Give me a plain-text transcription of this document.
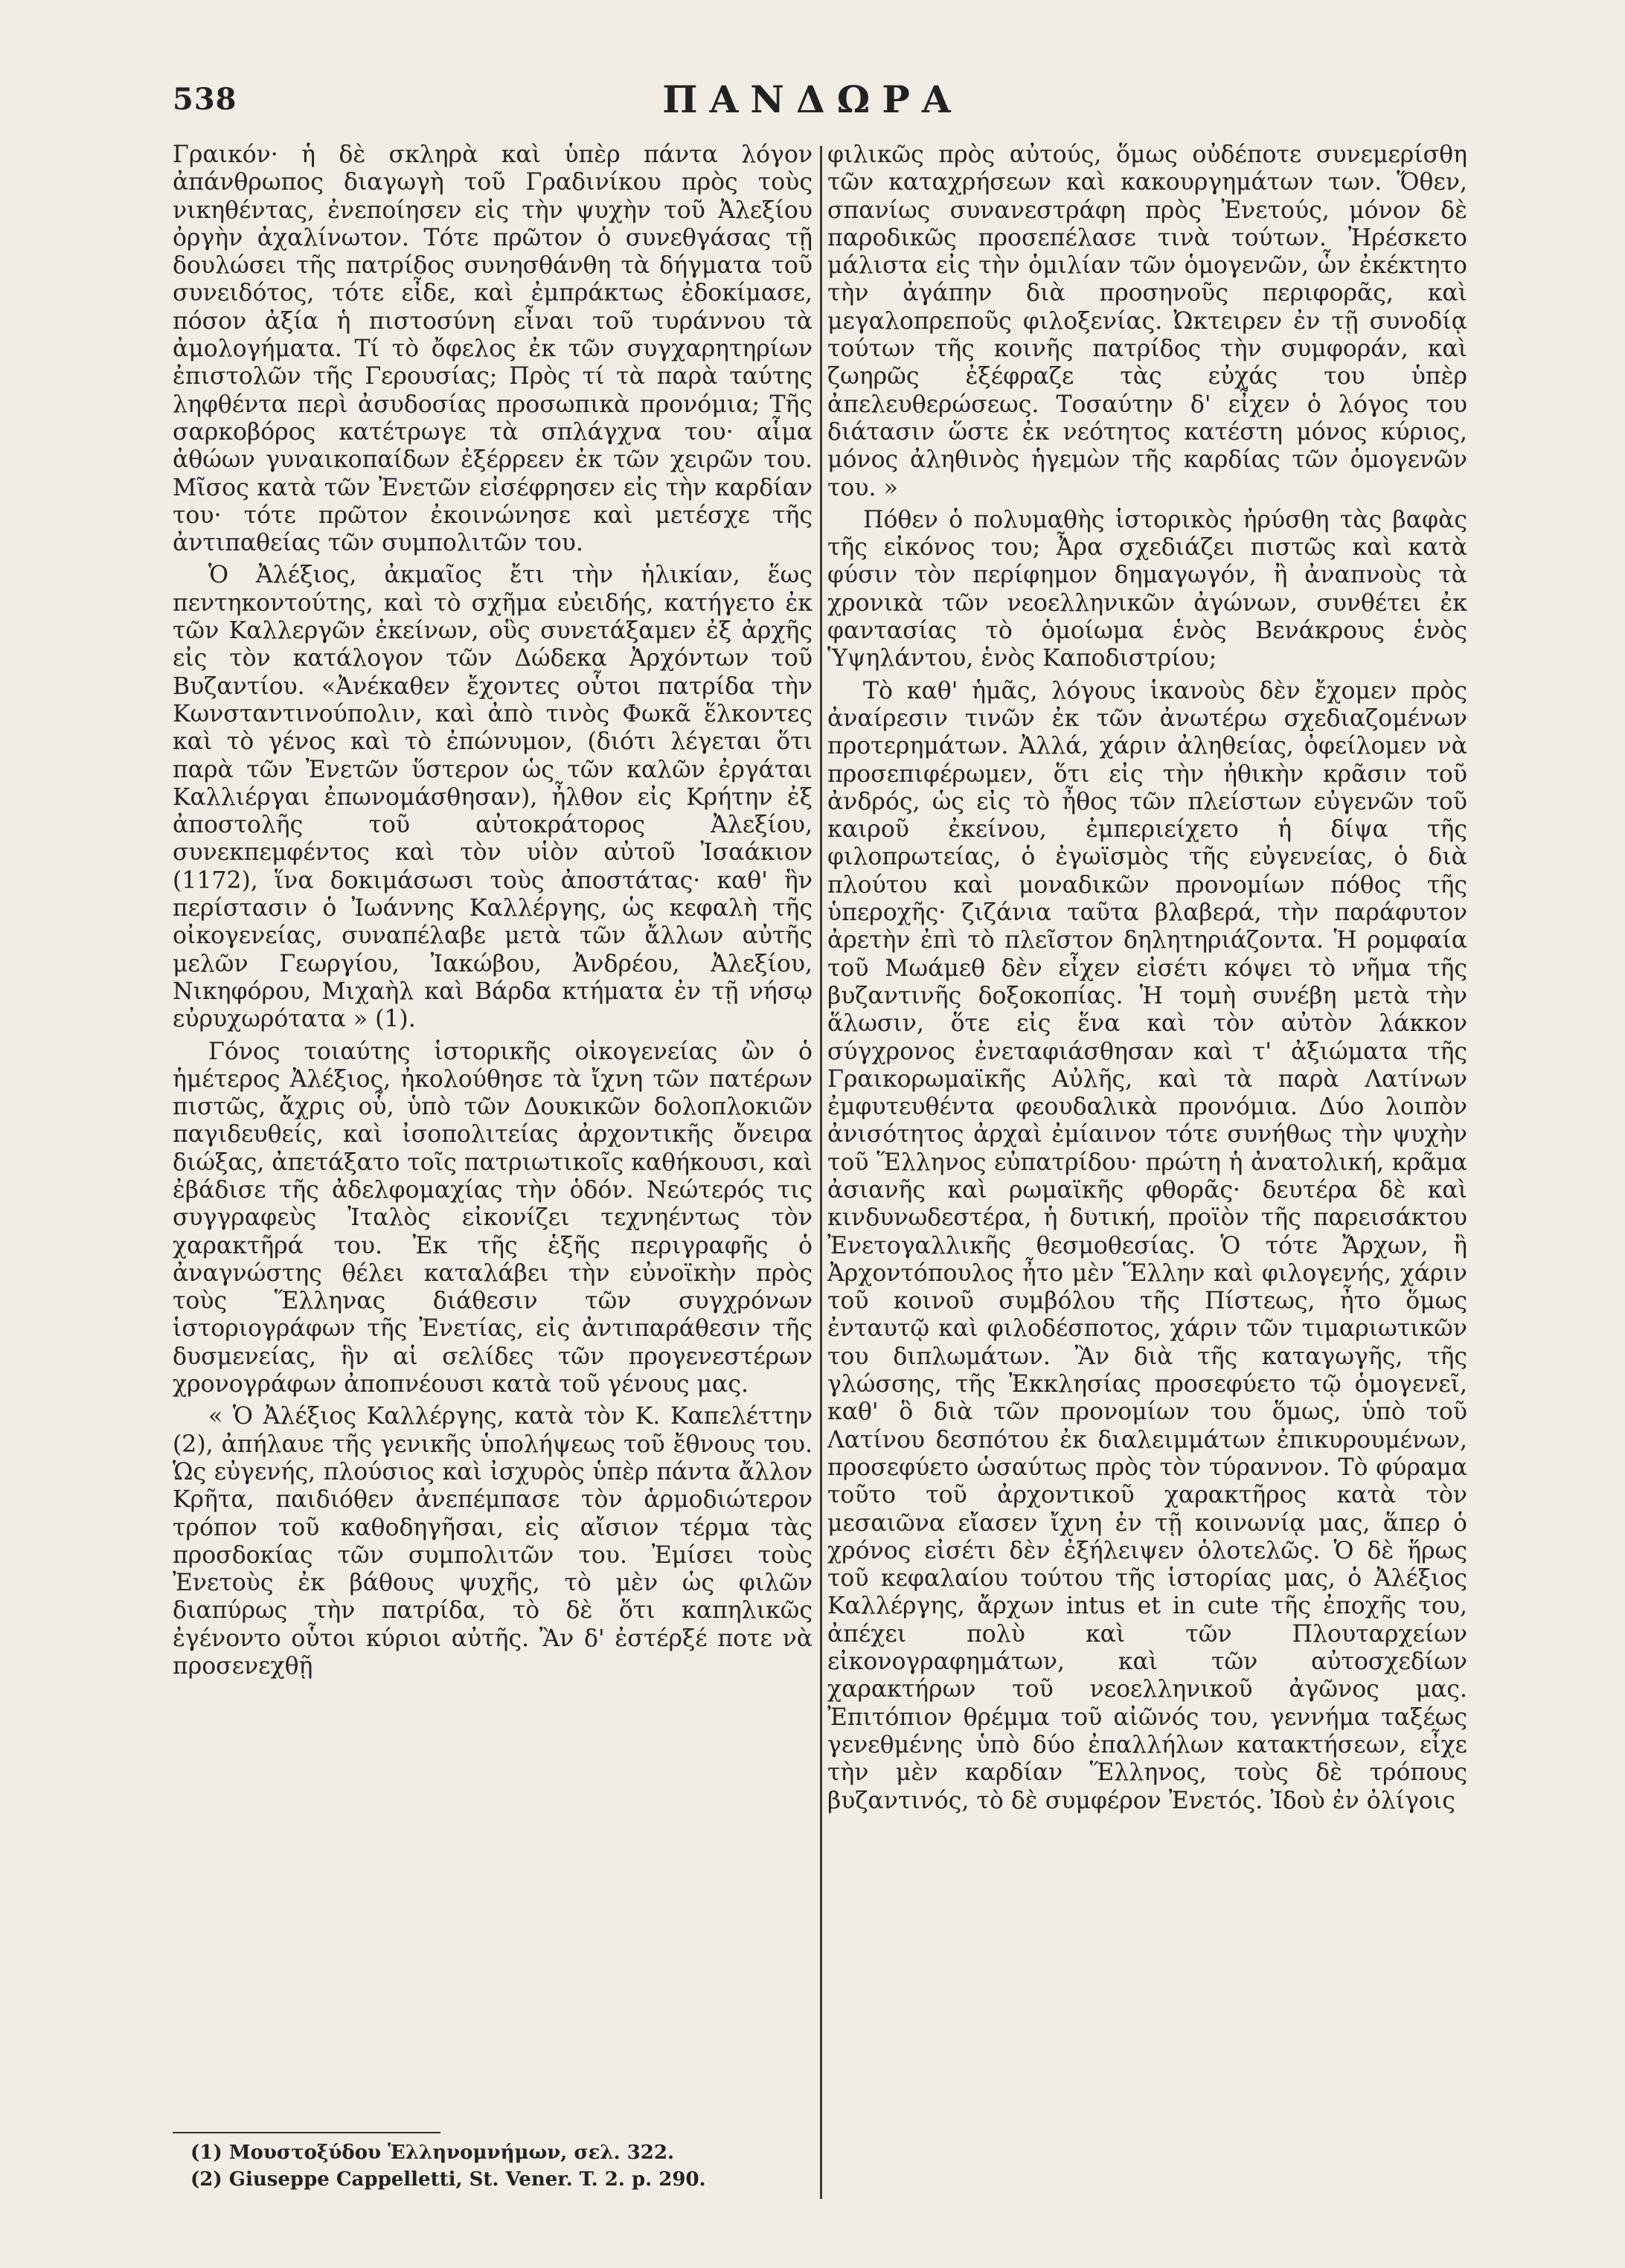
538	ΠΑΝΔΩΡΑ

Γραικόν· ἡ δὲ σκληρὰ καὶ ὑπὲρ πάντα λόγον ἀπάνθρωπος διαγωγὴ τοῦ Γραδινίκου πρὸς τοὺς νικηθέντας, ἐνεποίησεν εἰς τὴν ψυχὴν τοῦ Ἀλεξίου ὀργὴν ἀχαλίνωτον. Τότε πρῶτον ὁ συνεθγάσας τῇ δουλώσει τῆς πατρίδος συνησθάνθη τὰ δήγματα τοῦ συνειδότος, τότε εἶδε, καὶ ἐμπράκτως ἐδοκίμασε, πόσον ἀξία ἡ πιστοσύνη εἶναι τοῦ τυράννου τὰ ἀμολογήματα. Τί τὸ ὄφελος ἐκ τῶν συγχαρητηρίων ἐπιστολῶν τῆς Γερουσίας; Πρὸς τί τὰ παρὰ ταύτης ληφθέντα περὶ ἀσυδοσίας προσωπικὰ προνόμια; Τῆς σαρκοβόρος κατέτρωγε τὰ σπλάγχνα του· αἷμα ἀθώων γυναικοπαίδων ἐξέρρεεν ἐκ τῶν χειρῶν του. Μῖσος κατὰ τῶν Ἐνετῶν εἰσέφρησεν εἰς τὴν καρδίαν του· τότε πρῶτον ἐκοινώνησε καὶ μετέσχε τῆς ἀντιπαθείας τῶν συμπολιτῶν του.

Ὁ Ἀλέξιος, ἀκμαῖος ἔτι τὴν ἡλικίαν, ἕως πεντηκοντούτης, καὶ τὸ σχῆμα εὐειδής, κατήγετο ἐκ τῶν Καλλεργῶν ἐκείνων, οὓς συνετάξαμεν ἐξ ἀρχῆς εἰς τὸν κατάλογον τῶν Δώδεκα Ἀρχόντων τοῦ Βυζαντίου. «Ἀνέκαθεν ἔχοντες οὗτοι πατρίδα τὴν Κωνσταντινούπολιν, καὶ ἀπὸ τινὸς Φωκᾶ ἕλκοντες καὶ τὸ γένος καὶ τὸ ἐπώνυμον, (διότι λέγεται ὅτι παρὰ τῶν Ἐνετῶν ὕστερον ὡς τῶν καλῶν ἐργάται Καλλιέργαι ἐπωνομάσθησαν), ἦλθον εἰς Κρήτην ἐξ ἀποστολῆς τοῦ αὐτοκράτορος Ἀλεξίου, συνεκπεμφέντος καὶ τὸν υἱὸν αὐτοῦ Ἰσαάκιον (1172), ἵνα δοκιμάσωσι τοὺς ἀποστάτας· καθ' ἣν περίστασιν ὁ Ἰωάννης Καλλέργης, ὡς κεφαλὴ τῆς οἰκογενείας, συναπέλαβε μετὰ τῶν ἄλλων αὐτῆς μελῶν Γεωργίου, Ἰακώβου, Ἀνδρέου, Ἀλεξίου, Νικηφόρου, Μιχαὴλ καὶ Βάρδα κτήματα ἐν τῇ νήσῳ εὐρυχωρότατα » (1).

Γόνος τοιαύτης ἱστορικῆς οἰκογενείας ὢν ὁ ἡμέτερος Ἀλέξιος, ἠκολούθησε τὰ ἴχνη τῶν πατέρων πιστῶς, ἄχρις οὗ, ὑπὸ τῶν Δουκικῶν δολοπλοκιῶν παγιδευθείς, καὶ ἰσοπολιτείας ἀρχοντικῆς ὄνειρα διώξας, ἀπετάξατο τοῖς πατριωτικοῖς καθήκουσι, καὶ ἐβάδισε τῆς ἀδελφομαχίας τὴν ὁδόν. Νεώτερός τις συγγραφεὺς Ἰταλὸς εἰκονίζει τεχνηέντως τὸν χαρακτῆρά του. Ἐκ τῆς ἑξῆς περιγραφῆς ὁ ἀναγνώστης θέλει καταλάβει τὴν εὐνοϊκὴν πρὸς τοὺς Ἕλληνας διάθεσιν τῶν συγχρόνων ἱστοριογράφων τῆς Ἐνετίας, εἰς ἀντιπαράθεσιν τῆς δυσμενείας, ἣν αἱ σελίδες τῶν προγενεστέρων χρονογράφων ἀποπνέουσι κατὰ τοῦ γένους μας.

« Ὁ Ἀλέξιος Καλλέργης, κατὰ τὸν Κ. Καπελέττην (2), ἀπήλαυε τῆς γενικῆς ὑπολήψεως τοῦ ἔθνους του. Ὡς εὐγενής, πλούσιος καὶ ἰσχυρὸς ὑπὲρ πάντα ἄλλον Κρῆτα, παιδιόθεν ἀνεπέμπασε τὸν ἁρμοδιώτερον τρόπον τοῦ καθοδηγῆσαι, εἰς αἴσιον τέρμα τὰς προσδοκίας τῶν συμπολιτῶν του. Ἐμίσει τοὺς Ἐνετοὺς ἐκ βάθους ψυχῆς, τὸ μὲν ὡς φιλῶν διαπύρως τὴν πατρίδα, τὸ δὲ ὅτι καπηλικῶς ἐγένοντο οὗτοι κύριοι αὐτῆς. Ἂν δ' ἐστέρξέ ποτε νὰ προσενεχθῇ

φιλικῶς πρὸς αὐτούς, ὅμως οὐδέποτε συνεμερίσθη τῶν καταχρήσεων καὶ κακουργημάτων των. Ὅθεν, σπανίως συνανεστράφη πρὸς Ἐνετούς, μόνον δὲ παροδικῶς προσεπέλασε τινὰ τούτων. Ἠρέσκετο μάλιστα εἰς τὴν ὁμιλίαν τῶν ὁμογενῶν, ὧν ἐκέκτητο τὴν ἀγάπην διὰ προσηνοῦς περιφορᾶς, καὶ μεγαλοπρεποῦς φιλοξενίας. Ὠκτειρεν ἐν τῇ συνοδίᾳ τούτων τῆς κοινῆς πατρίδος τὴν συμφοράν, καὶ ζωηρῶς ἐξέφραζε τὰς εὐχάς του ὑπὲρ ἀπελευθερώσεως. Τοσαύτην δ' εἶχεν ὁ λόγος του διάτασιν ὥστε ἐκ νεότητος κατέστη μόνος κύριος, μόνος ἀληθινὸς ἡγεμὼν τῆς καρδίας τῶν ὁμογενῶν του. »

Πόθεν ὁ πολυμαθὴς ἱστορικὸς ἠρύσθη τὰς βαφὰς τῆς εἰκόνος του; Ἆρα σχεδιάζει πιστῶς καὶ κατὰ φύσιν τὸν περίφημον δημαγωγόν, ἢ ἀναπνοὺς τὰ χρονικὰ τῶν νεοελληνικῶν ἀγώνων, συνθέτει ἐκ φαντασίας τὸ ὁμοίωμα ἑνὸς Βενάκρους ἑνὸς Ὑψηλάντου, ἑνὸς Καποδιστρίου;

Τὸ καθ' ἡμᾶς, λόγους ἱκανοὺς δὲν ἔχομεν πρὸς ἀναίρεσιν τινῶν ἐκ τῶν ἀνωτέρω σχεδιαζομένων προτερημάτων. Ἀλλά, χάριν ἀληθείας, ὀφείλομεν νὰ προσεπιφέρωμεν, ὅτι εἰς τὴν ἠθικὴν κρᾶσιν τοῦ ἀνδρός, ὡς εἰς τὸ ἦθος τῶν πλείστων εὐγενῶν τοῦ καιροῦ ἐκείνου, ἐμπεριείχετο ἡ δίψα τῆς φιλοπρωτείας, ὁ ἐγωϊσμὸς τῆς εὐγενείας, ὁ διὰ πλούτου καὶ μοναδικῶν προνομίων πόθος τῆς ὑπεροχῆς· ζιζάνια ταῦτα βλαβερά, τὴν παράφυτον ἀρετὴν ἐπὶ τὸ πλεῖστον δηλητηριάζοντα. Ἡ ρομφαία τοῦ Μωάμεθ δὲν εἶχεν εἰσέτι κόψει τὸ νῆμα τῆς βυζαντινῆς δοξοκοπίας. Ἡ τομὴ συνέβη μετὰ τὴν ἅλωσιν, ὅτε εἰς ἕνα καὶ τὸν αὐτὸν λάκκον σύγχρονος ἐνεταφιάσθησαν καὶ τ' ἀξιώματα τῆς Γραικορωμαϊκῆς Αὐλῆς, καὶ τὰ παρὰ Λατίνων ἐμφυτευθέντα φεουδαλικὰ προνόμια. Δύο λοιπὸν ἀνισότητος ἀρχαὶ ἐμίαινον τότε συνήθως τὴν ψυχὴν τοῦ Ἕλληνος εὐπατρίδου· πρώτη ἡ ἀνατολική, κρᾶμα ἀσιανῆς καὶ ρωμαϊκῆς φθορᾶς· δευτέρα δὲ καὶ κινδυνωδεστέρα, ἡ δυτική, προϊὸν τῆς παρεισάκτου Ἐνετογαλλικῆς θεσμοθεσίας. Ὁ τότε Ἄρχων, ἢ Ἀρχοντόπουλος ἦτο μὲν Ἕλλην καὶ φιλογενής, χάριν τοῦ κοινοῦ συμβόλου τῆς Πίστεως, ἦτο ὅμως ἐνταυτῷ καὶ φιλοδέσποτος, χάριν τῶν τιμαριωτικῶν του διπλωμάτων. Ἂν διὰ τῆς καταγωγῆς, τῆς γλώσσης, τῆς Ἐκκλησίας προσεφύετο τῷ ὁμογενεῖ, καθ' ὃ διὰ τῶν προνομίων του ὅμως, ὑπὸ τοῦ Λατίνου δεσπότου ἐκ διαλειμμάτων ἐπικυρουμένων, προσεφύετο ὡσαύτως πρὸς τὸν τύραννον. Τὸ φύραμα τοῦτο τοῦ ἀρχοντικοῦ χαρακτῆρος κατὰ τὸν μεσαιῶνα εἴασεν ἴχνη ἐν τῇ κοινωνίᾳ μας, ἅπερ ὁ χρόνος εἰσέτι δὲν ἐξήλειψεν ὁλοτελῶς. Ὁ δὲ ἥρως τοῦ κεφαλαίου τούτου τῆς ἱστορίας μας, ὁ Ἀλέξιος Καλλέργης, ἄρχων intus et in cute τῆς ἐποχῆς του, ἀπέχει πολὺ καὶ τῶν Πλουταρχείων εἰκονογραφημάτων, καὶ τῶν αὐτοσχεδίων χαρακτήρων τοῦ νεοελληνικοῦ ἀγῶνος μας. Ἐπιτόπιον θρέμμα τοῦ αἰῶνός του, γεννήμα ταξέως γενεθμένης ὑπὸ δύο ἐπαλλήλων κατακτήσεων, εἶχε τὴν μὲν καρδίαν Ἕλληνος, τοὺς δὲ τρόπους βυζαντινός, τὸ δὲ συμφέρον Ἐνετός. Ἰδοὺ ἐν ὀλίγοις

(1) Μουστοξύδου Ἑλληνομνήμων, σελ. 322.
(2) Giuseppe Cappelletti, St. Vener. T. 2. p. 290.
